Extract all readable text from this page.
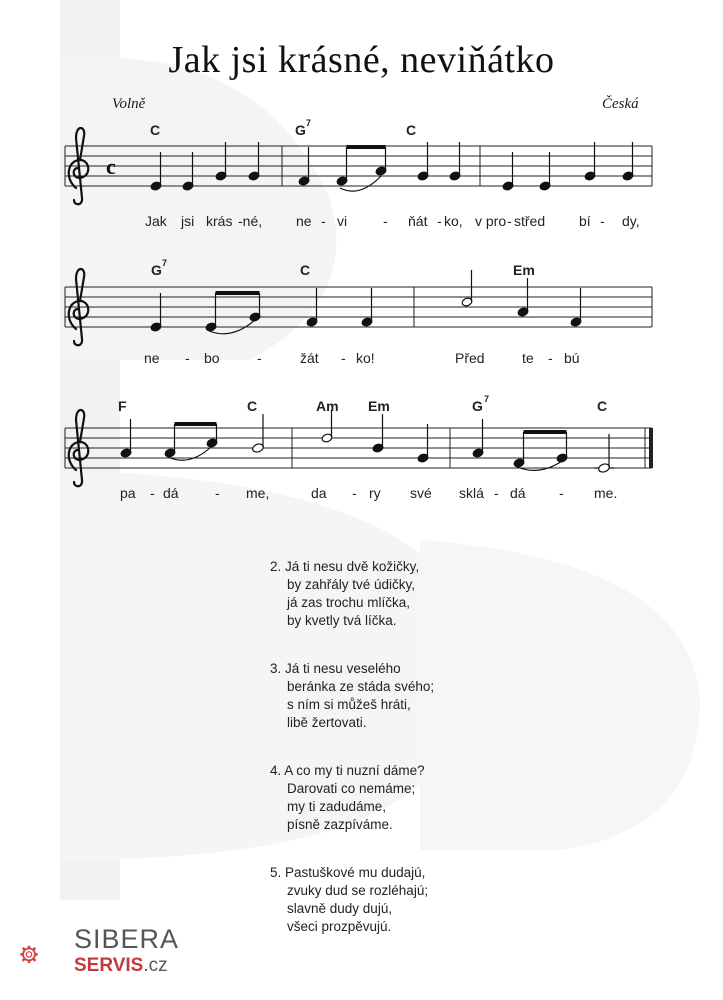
Jak jsi krásné, neviňátko
Volně	Česká
c
C	G 7	C
Jak jsi krás -né, ne - vi	- ňát - ko, v pro - střed bí - dy,
G 7	C	Em
ne - bo	-	žát - ko!	Před	te - bú
F	C	Am Em	G 7	C
pa - dá	- me,	da - ry své sklá - dá - me.
2. Já ti nesu dvě kožičky,
by zahřály tvé údičky,
já zas trochu mlíčka,
by kvetly tvá líčka.
3. Já ti nesu veselého
beránka ze stáda svého;
s ním si můžeš hráti,
libě žertovati.
4. A co my ti nuzní dáme?
Darovati co nemáme;
my ti zadudáme,
písně zazpíváme.
5. Pastuškové mu dudajú,
zvuky dud se rozléhajú;
slavně dudy dujú,
všeci prozpěvujú.
SIBERA
SERVIS.cz
